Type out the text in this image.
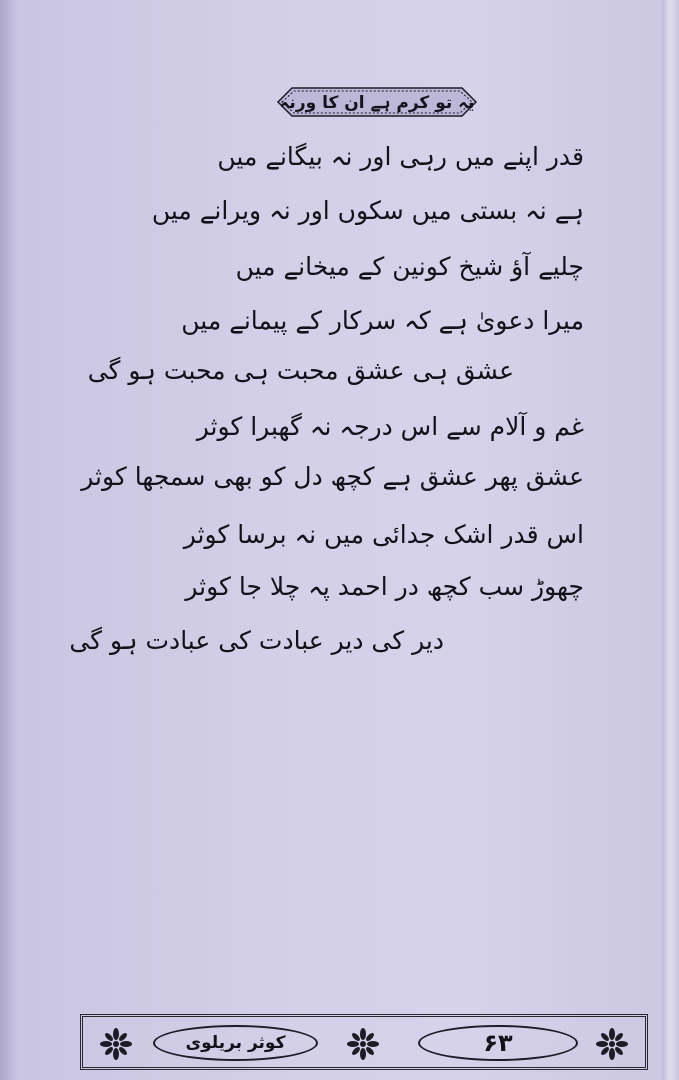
یہ تو کرم ہے ان کا ورنہ
قدر اپنے میں رہی اور نہ بیگانے میں
ہے نہ بستی میں سکوں اور نہ ویرانے میں
چلیے آؤ شیخ کونین کے میخانے میں
میرا دعویٰ ہے کہ سرکار کے پیمانے میں
عشق ہی عشق محبت ہی محبت ہو گی
غم و آلام سے اس درجہ نہ گھبرا کوثر
عشق پھر عشق ہے کچھ دل کو بھی سمجھا کوثر
اس قدر اشک جدائی میں نہ برسا کوثر
چھوڑ سب کچھ در احمد پہ چلا جا کوثر
دیر کی دیر عبادت کی عبادت ہو گی
کوثر بریلوی	۶۳
